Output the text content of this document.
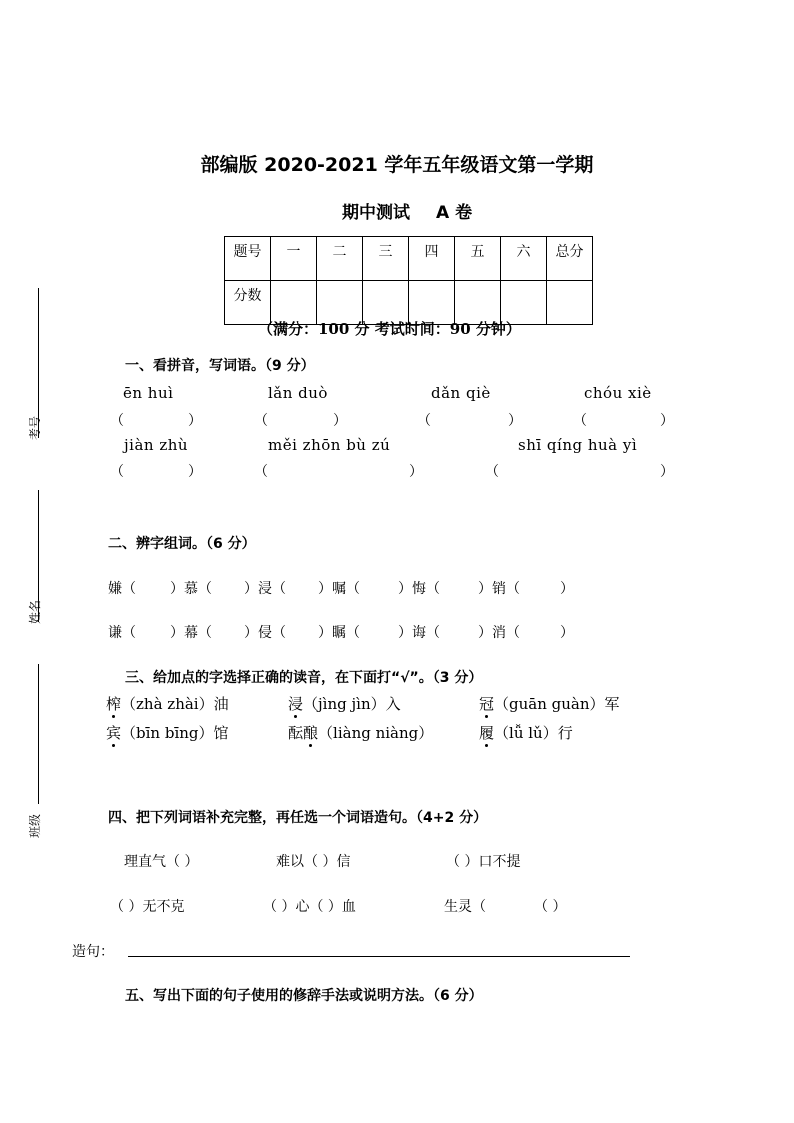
部编版 2020-2021 学年五年级语文第一学期
期中测试 A 卷
题号	一	二	三	四	五	六	总分

分数							

（满分：100 分 考试时间：90 分钟）
考号
姓名
班级
一、看拼音，写词语。（9 分）
ēn huì	lǎn duò	dǎn qiè	chóu xiè
（	）	（	）	（	）	（	）
jiàn zhù	měi zhōn bù zú	shī qíng huà yì
（	）	（	）	（	）
二、辨字组词。（6 分）
嫌（ ）慕（ ）浸（ ）嘱（	）悔（	）销（	）
谦（ ）幕（ ）侵（ ）瞩（	）诲（	）消（	）
三、给加点的字选择正确的读音，在下面打“√”。（3 分）
榨（zhà zhài）油	浸（jìng jìn）入	冠（guān guàn）军
宾（bīn bīng）馆	酝酿（liàng niàng）	履（lǚ lǔ）行
四、把下列词语补充完整，再任选一个词语造句。（4+2 分）
理直气（ ）	难以（ ）信	（ ）口不提
（ ）无不克	（ ）心（ ）血	生灵（	（ ）
造句：
五、写出下面的句子使用的修辞手法或说明方法。（6 分）
